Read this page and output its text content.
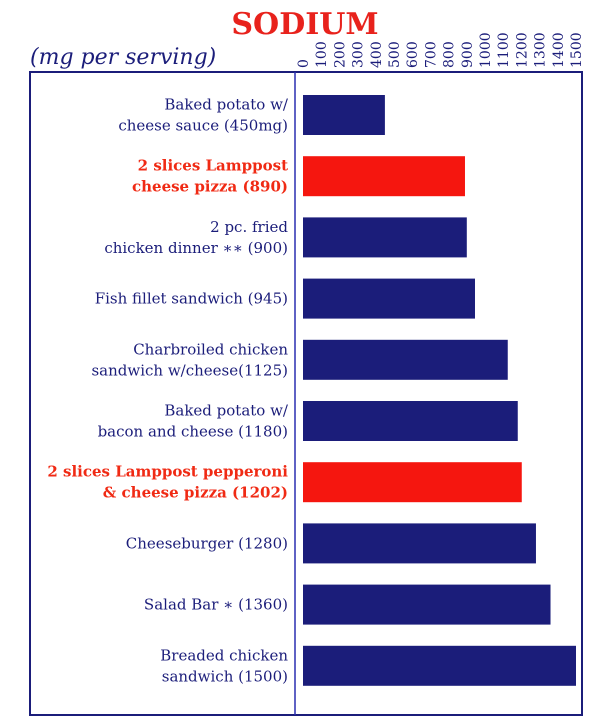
SODIUM
(mg per serving)	0 100 200 300 400 500 600 700 800 900 1000 1100 1200 1300 1400 1500
Baked potato w/
cheese sauce (450mg)
2 slices Lamppost
cheese pizza (890)
2 pc. fried
chicken dinner ∗∗ (900)
Fish fillet sandwich (945)
Charbroiled chicken
sandwich w/cheese(1125)
Baked potato w/
bacon and cheese (1180)
2 slices Lamppost pepperoni
& cheese pizza (1202)
Cheeseburger (1280)
Salad Bar ∗ (1360)
Breaded chicken
sandwich (1500)
